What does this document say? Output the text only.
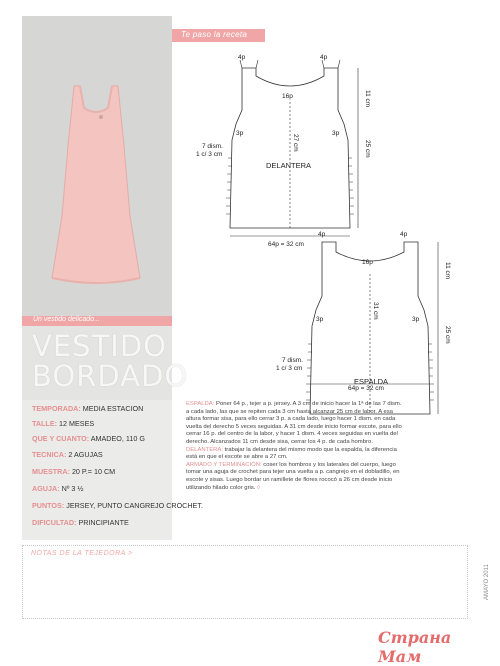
Te paso la receta
Un vestido delicado...
VESTIDO
BORDADO
TEMPORADA: MEDIA ESTACION
TALLE: 12 MESES
QUE Y CUANTO: AMADEO, 110 G
TECNICA: 2 AGUJAS
MUESTRA: 20 P.= 10 CM
AGUJA: Nº 3 ½
PUNTOS: JERSEY, PUNTO CANGREJO CROCHET.
DIFICULTAD: PRINCIPIANTE
ESPALDA: Poner 64 p., tejer a p. jersey. A 3 cm de inicio hacer la 1ª de las 7 dism. a cada lado, las que se repiten cada 3 cm hasta alcanzar 25 cm de labor. A esa altura formar sisa, para ello cerrar 3 p. a cada lado, luego hacer 1 dism. en cada vuelta del derecho 5 veces seguidas. A 31 cm desde inicio formar escote, para ello cerrar 16 p. del centro de la labor, y hacer 1 dism. 4 veces seguidas en vuelta del derecho. Alcanzados 11 cm desde sisa, cerrar los 4 p. de cada hombro.
DELANTERA: trabajar la delantera del mismo modo que la espalda, la diferencia está en que el escote se abre a 27 cm.
ARMADO Y TERMINACIÓN: coser los hombros y los laterales del cuerpo, luego tomar una aguja de crochet para tejer una vuelta a p. cangrejo en el dobladillo, en escote y sisas. Luego bordar un ramillete de flores rococó a 26 cm desde inicio utilizando hilado color gris. ◊
NOTAS DE LA TEJEDORA >
AMAYO 2011
Страна Мам
4p	4p
16p
3p	3p
11 cm
27 cm	25 cm
7 dism.
1 c/ 3 cm
DELANTERA
64p = 32 cm
4p	4p
16p
3p	3p
11 cm
31 cm
25 cm
7 dism.
1 c/ 3 cm
ESPALDA
64p = 32 cm
